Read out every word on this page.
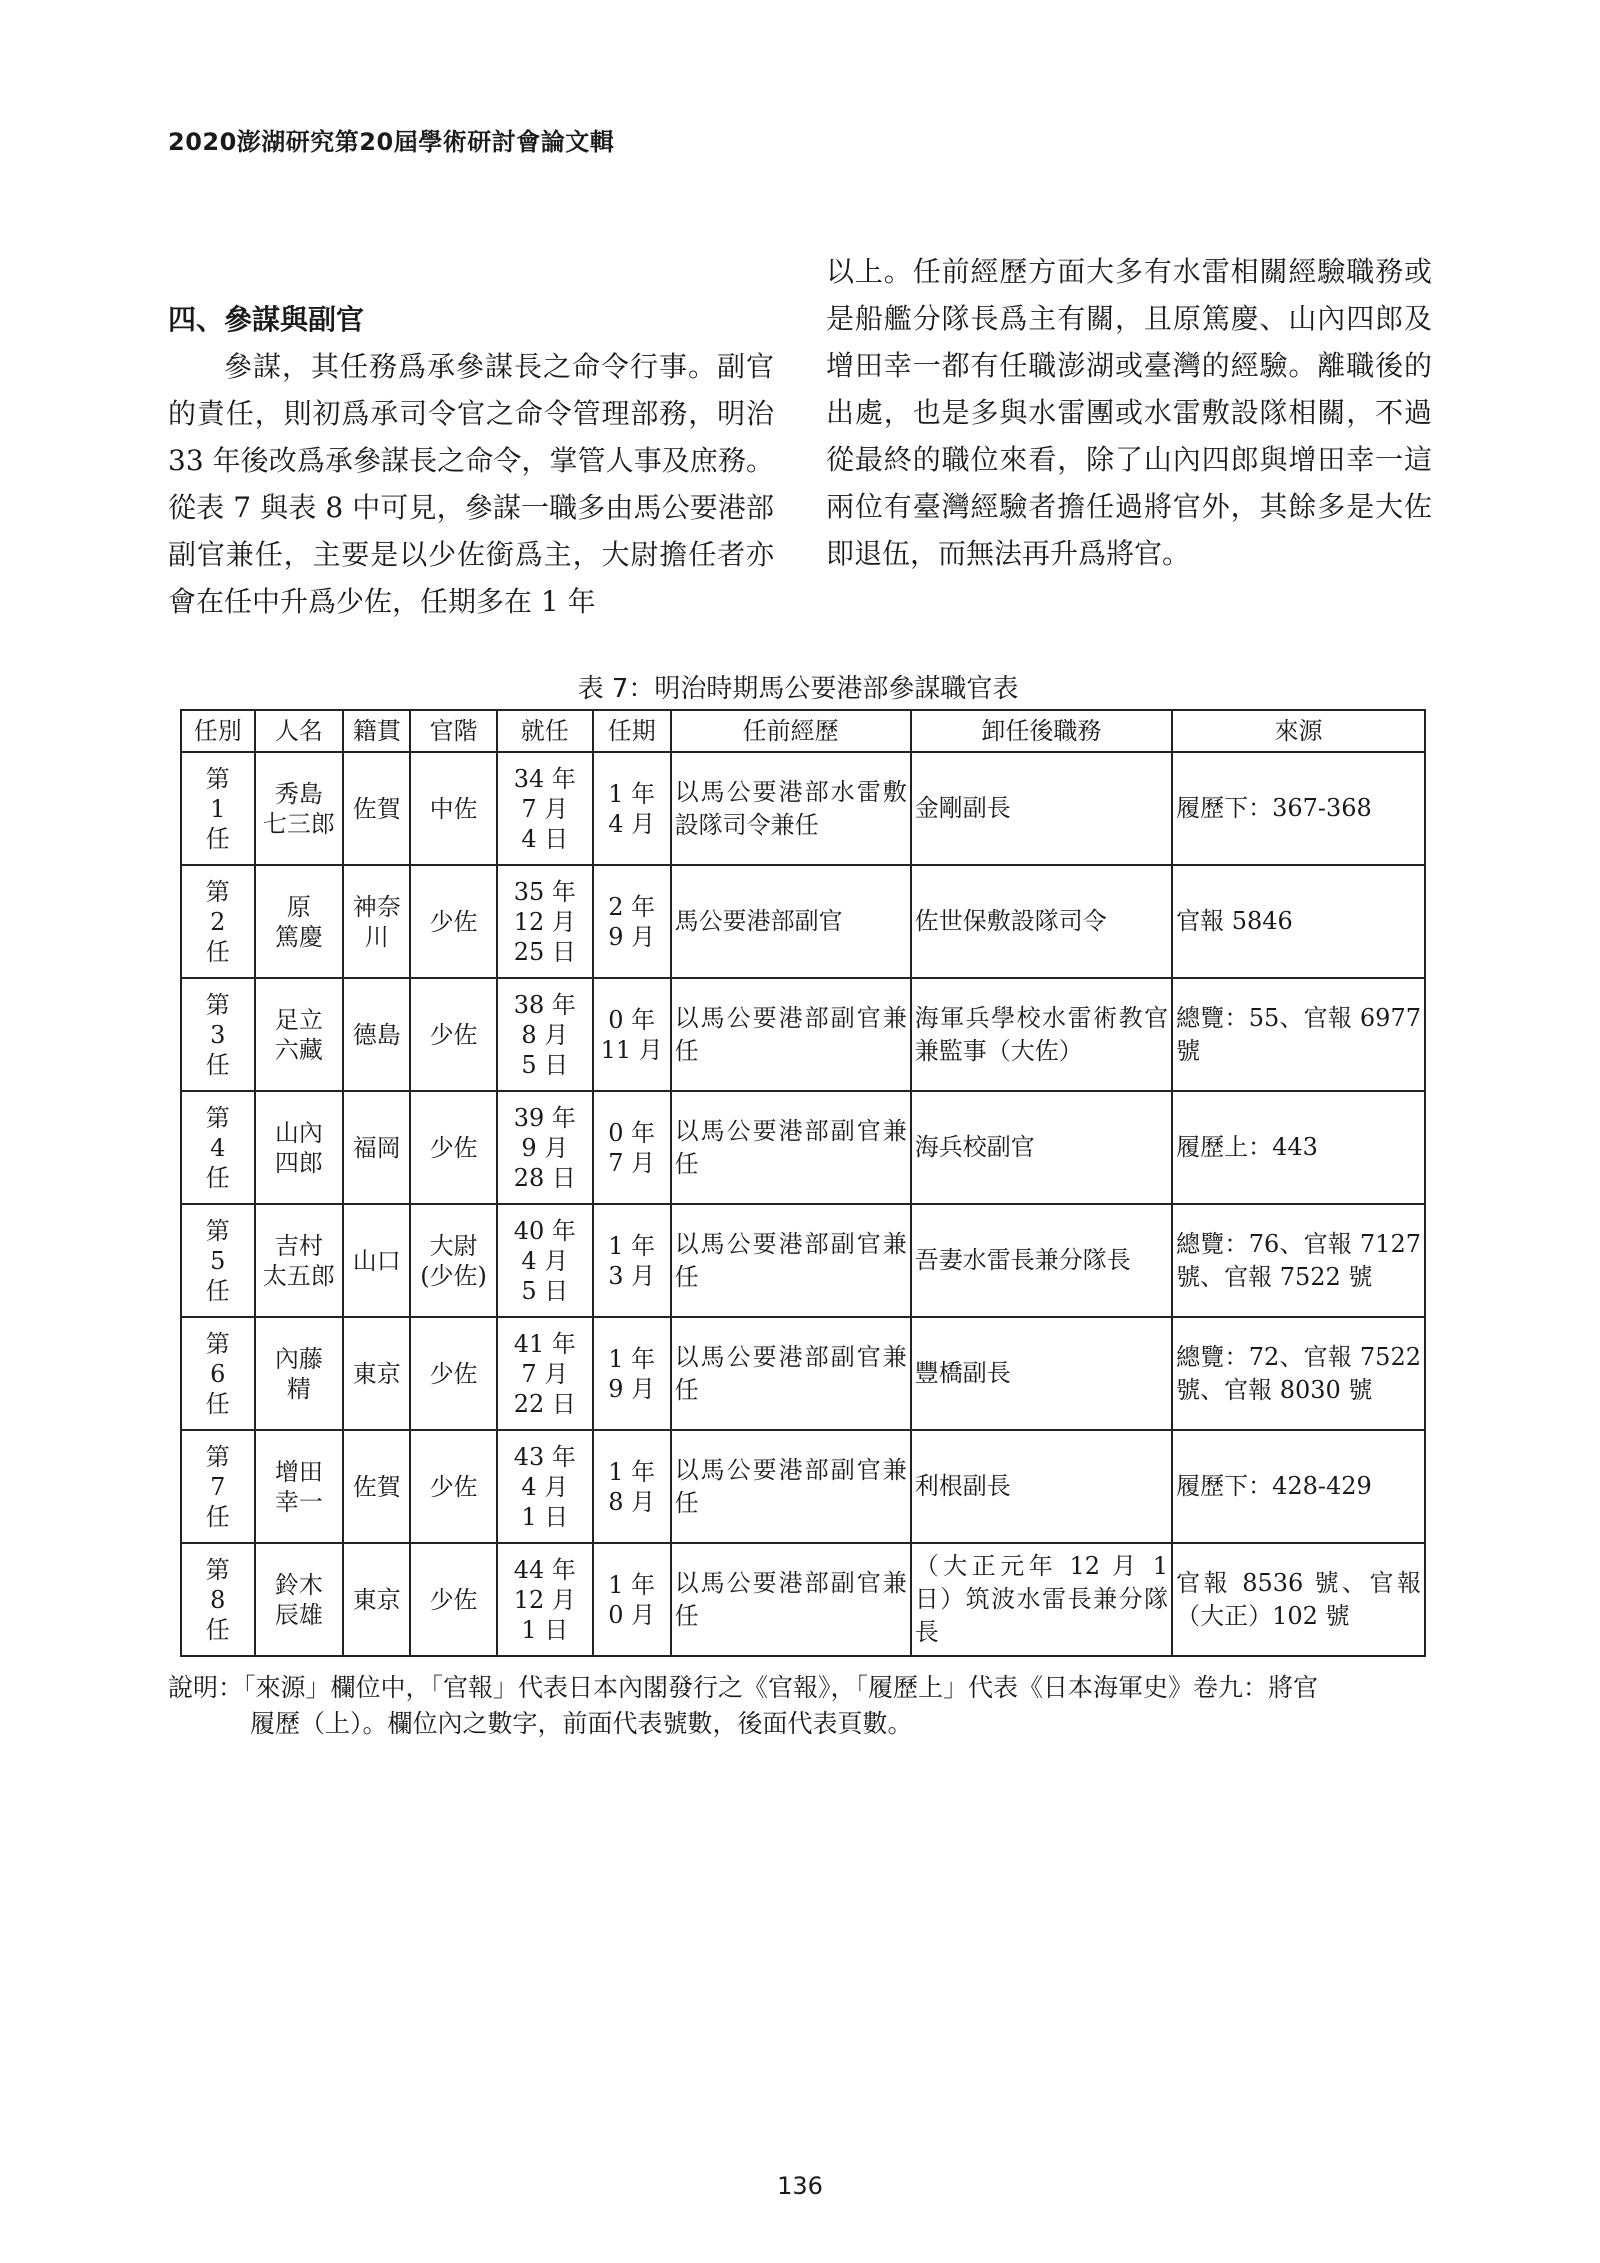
2020澎湖研究第20屆學術研討會論文輯

四、參謀與副官

參謀，其任務爲承參謀長之命令行事。副官的責任，則初爲承司令官之命令管理部務，明治 33 年後改爲承參謀長之命令，掌管人事及庶務。從表 7 與表 8 中可見，參謀一職多由馬公要港部副官兼任，主要是以少佐銜爲主，大尉擔任者亦會在任中升爲少佐，任期多在 1 年

以上。任前經歷方面大多有水雷相關經驗職務或是船艦分隊長爲主有關，且原篤慶、山內四郎及增田幸一都有任職澎湖或臺灣的經驗。離職後的出處，也是多與水雷團或水雷敷設隊相關，不過從最終的職位來看，除了山內四郎與增田幸一這兩位有臺灣經驗者擔任過將官外，其餘多是大佐即退伍，而無法再升爲將官。

表 7：明治時期馬公要港部參謀職官表
任別	人名	籍貫	官階	就任	任期	任前經歷	卸任後職務	來源

第
1
任	秀島
七三郎	佐賀	中佐	34 年
7 月
4 日	1 年
4 月	以馬公要港部水雷敷設隊司令兼任	金剛副長	履歷下：367-368

第
2
任	原
篤慶	神奈
川	少佐	35 年
12 月
25 日	2 年
9 月	馬公要港部副官	佐世保敷設隊司令	官報 5846

第
3
任	足立
六藏	德島	少佐	38 年
8 月
5 日	0 年
11 月	以馬公要港部副官兼任	海軍兵學校水雷術教官兼監事（大佐）	總覽：55、官報 6977 號

第
4
任	山內
四郎	福岡	少佐	39 年
9 月
28 日	0 年
7 月	以馬公要港部副官兼任	海兵校副官	履歷上：443

第
5
任	吉村
太五郎	山口	大尉
(少佐)	40 年
4 月
5 日	1 年
3 月	以馬公要港部副官兼任	吾妻水雷長兼分隊長	總覽：76、官報 7127 號、官報 7522 號

第
6
任	內藤
精	東京	少佐	41 年
7 月
22 日	1 年
9 月	以馬公要港部副官兼任	豐橋副長	總覽：72、官報 7522 號、官報 8030 號

第
7
任	增田
幸一	佐賀	少佐	43 年
4 月
1 日	1 年
8 月	以馬公要港部副官兼任	利根副長	履歷下：428-429

第
8
任	鈴木
辰雄	東京	少佐	44 年
12 月
1 日	1 年
0 月	以馬公要港部副官兼任	（大正元年 12 月 1 日）筑波水雷長兼分隊長	官報 8536 號、官報（大正）102 號

說明：「來源」欄位中，「官報」代表日本內閣發行之《官報》，「履歷上」代表《日本海軍史》卷九：將官

履歷（上）。欄位內之數字，前面代表號數，後面代表頁數。

136
